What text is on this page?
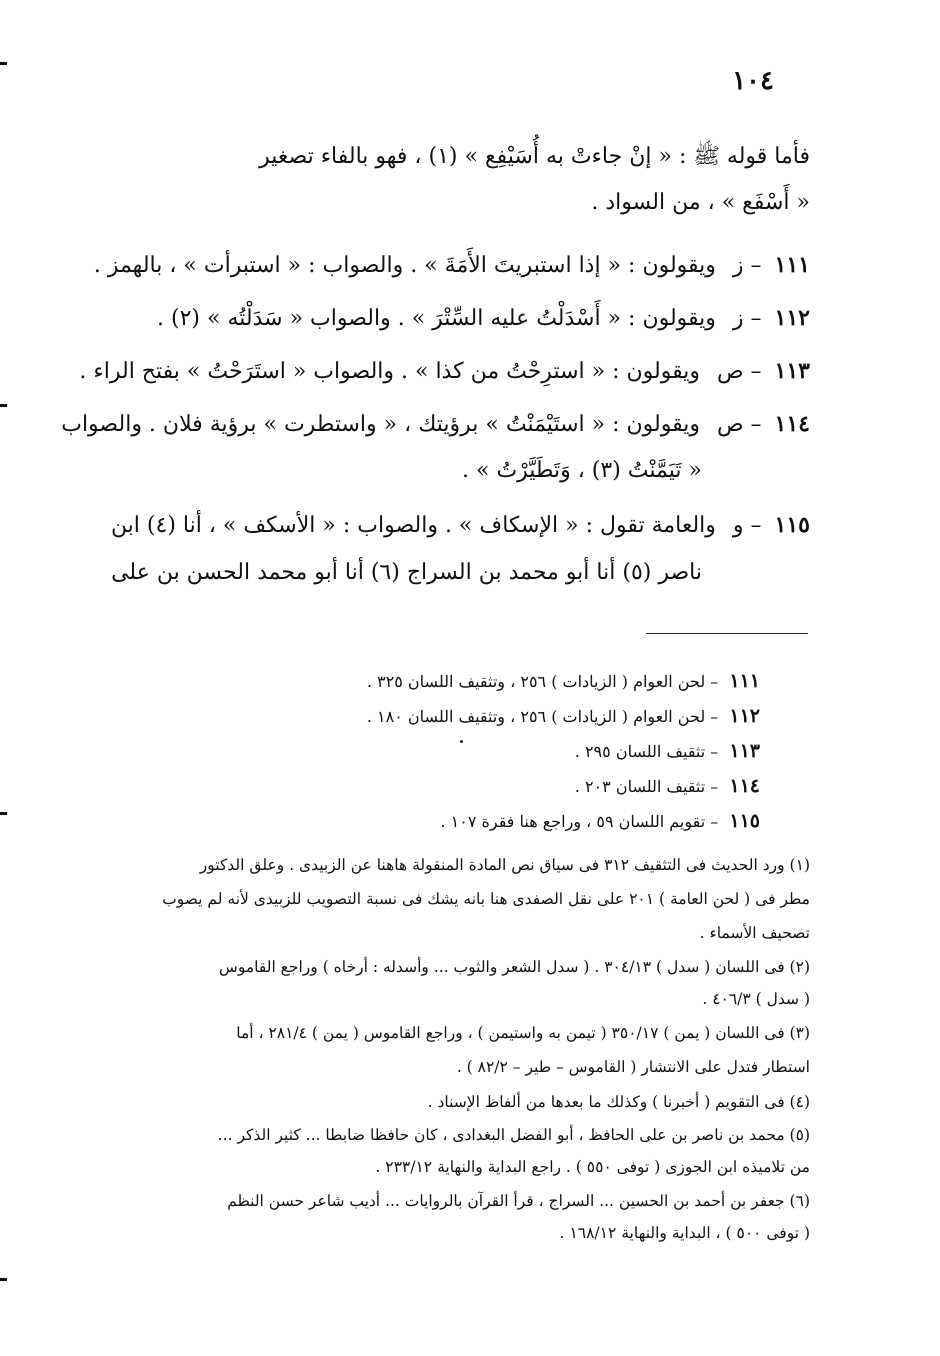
١٠٤
فأما قوله ﷺ : « إنْ جاءتْ به أُسَيْفِع » (١) ، فهو بالفاء تصغير
« أَسْفَع » ، من السواد .
١١١ – ز ويقولون : « إذا استبريتَ الأَمَةَ » . والصواب : « استبرأت » ، بالهمز .
١١٢ – ز ويقولون : « أَسْدَلْتُ عليه السِّتْرَ » . والصواب « سَدَلْتُه » (٢) .
١١٣ – ص ويقولون : « استرِحْتُ من كذا » . والصواب « استَرَحْتُ » بفتح الراء .
١١٤ – ص ويقولون : « استَيْمَنْتُ » برؤيتك ، « واستطرت » برؤية فلان . والصواب
« تَيَمَّنْتُ (٣) ، وَتَطَيَّرْتُ » .
١١٥ – و والعامة تقول : « الإسكاف » . والصواب : « الأسكف » ، أنا (٤) ابن
ناصر (٥) أنا أبو محمد بن السراج (٦) أنا أبو محمد الحسن بن على
١١١ – لحن العوام ( الزيادات ) ٢٥٦ ، وتثقيف اللسان ٣٢٥ .
١١٢ – لحن العوام ( الزيادات ) ٢٥٦ ، وتثقيف اللسان ١٨٠ .
١١٣ – تثقيف اللسان ٢٩٥ .
١١٤ – تثقيف اللسان ٢٠٣ .
١١٥ – تقويم اللسان ٥٩ ، وراجع هنا فقرة ١٠٧ .
(١) ورد الحديث فى التثقيف ٣١٢ فى سياق نص المادة المنقولة هاهنا عن الزبيدى . وعلق الدكتور
مطر فى ( لحن العامة ) ٢٠١ على نقل الصفدى هنا بانه يشك فى نسبة التصويب للزبيدى لأنه لم يصوب
تصحيف الأسماء .
(٢) فى اللسان ( سدل ) ٣٠٤/١٣ . ( سدل الشعر والثوب ... وأسدله : أرخاه ) وراجع القاموس
( سدل ) ٤٠٦/٣ .
(٣) فى اللسان ( يمن ) ٣٥٠/١٧ ( تيمن به واستيمن ) ، وراجع القاموس ( يمن ) ٢٨١/٤ ، أما
استطار فتدل على الانتشار ( القاموس – طير – ٨٢/٢ ) .
(٤) فى التقويم ( أخبرنا ) وكذلك ما بعدها من ألفاظ الإسناد .
(٥) محمد بن ناصر بن على الحافظ ، أبو الفضل البغدادى ، كان حافظا ضابطا ... كثير الذكر ...
من تلاميذه ابن الجوزى ( توفى ٥٥٠ ) . راجع البداية والنهاية ٢٣٣/١٢ .
(٦) جعفر بن أحمد بن الحسين ... السراج ، قرأ القرآن بالروايات ... أديب شاعر حسن النظم
( توفى ٥٠٠ ) ، البداية والنهاية ١٦٨/١٢ .
